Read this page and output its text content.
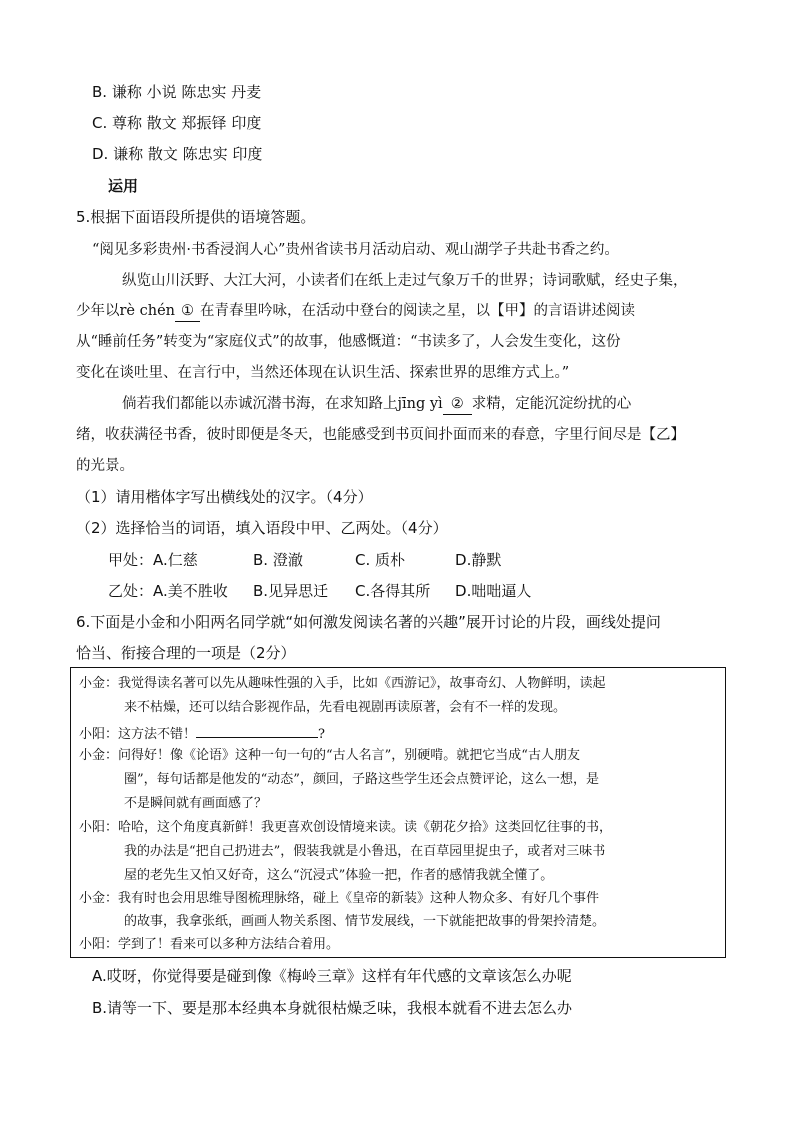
B. 谦称 小说 陈忠实 丹麦
C. 尊称 散文 郑振铎 印度
D. 谦称 散文 陈忠实 印度
运用
5.根据下面语段所提供的语境答题。
“阅见多彩贵州·书香浸润人心”贵州省读书月活动启动、观山湖学子共赴书香之约。
纵览山川沃野、大江大河，小读者们在纸上走过气象万千的世界；诗词歌赋，经史子集，
少年以rè chén ① 在青春里吟咏，在活动中登台的阅读之星，以【甲】的言语讲述阅读
从“睡前任务”转变为“家庭仪式”的故事，他感慨道：“书读多了，人会发生变化，这份
变化在谈吐里、在言行中，当然还体现在认识生活、探索世界的思维方式上。”
倘若我们都能以赤诚沉潜书海，在求知路上jīng yì ② 求精，定能沉淀纷扰的心
绪，收获满径书香，彼时即便是冬天，也能感受到书页间扑面而来的春意，字里行间尽是【乙】
的光景。
（1）请用楷体字写出横线处的汉字。（4分）
（2）选择恰当的词语，填入语段中甲、乙两处。（4分）
甲处：A.仁慈	B. 澄澈	C. 质朴	D.静默
乙处：A.美不胜收 B.见异思迁 C.各得其所 D.咄咄逼人
6.下面是小金和小阳两名同学就“如何激发阅读名著的兴趣”展开讨论的片段，画线处提问
恰当、衔接合理的一项是（2分）
小金：我觉得读名著可以先从趣味性强的入手，比如《西游记》，故事奇幻、人物鲜明，读起
来不枯燥，还可以结合影视作品，先看电视剧再读原著，会有不一样的发现。
小阳：这方法不错！	?
小金：问得好！像《论语》这种一句一句的“古人名言”，别硬啃。就把它当成“古人朋友
圈”，每句话都是他发的“动态”，颜回，子路这些学生还会点赞评论，这么一想，是
不是瞬间就有画面感了？
小阳：哈哈，这个角度真新鲜！我更喜欢创设情境来读。读《朝花夕拾》这类回忆往事的书，
我的办法是“把自己扔进去”，假装我就是小鲁迅，在百草园里捉虫子，或者对三味书
屋的老先生又怕又好奇，这么“沉浸式”体验一把，作者的感情我就全懂了。
小金：我有时也会用思维导图梳理脉络，碰上《皇帝的新装》这种人物众多、有好几个事件
的故事，我拿张纸，画画人物关系图、情节发展线，一下就能把故事的骨架拎清楚。
小阳：学到了！看来可以多种方法结合着用。
A.哎呀，你觉得要是碰到像《梅岭三章》这样有年代感的文章该怎么办呢
B.请等一下、要是那本经典本身就很枯燥乏味，我根本就看不进去怎么办
